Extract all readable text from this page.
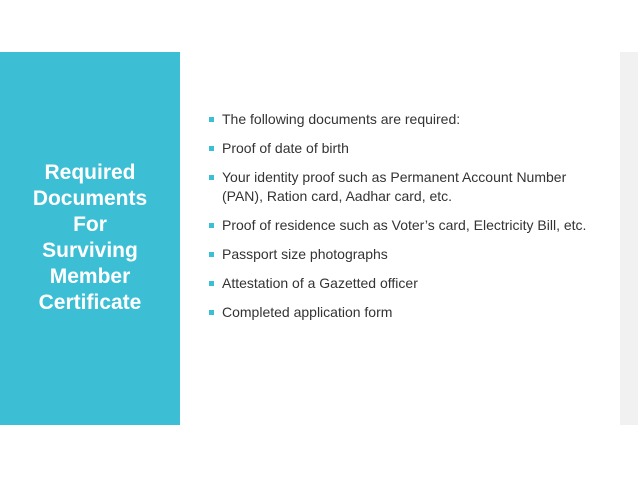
Required
Documents
For
Surviving
Member
Certificate
The following documents are required:
Proof of date of birth
Your identity proof such as Permanent Account Number (PAN), Ration card, Aadhar card, etc.
Proof of residence such as Voter’s card, Electricity Bill, etc.
Passport size photographs
Attestation of a Gazetted officer
Completed application form
